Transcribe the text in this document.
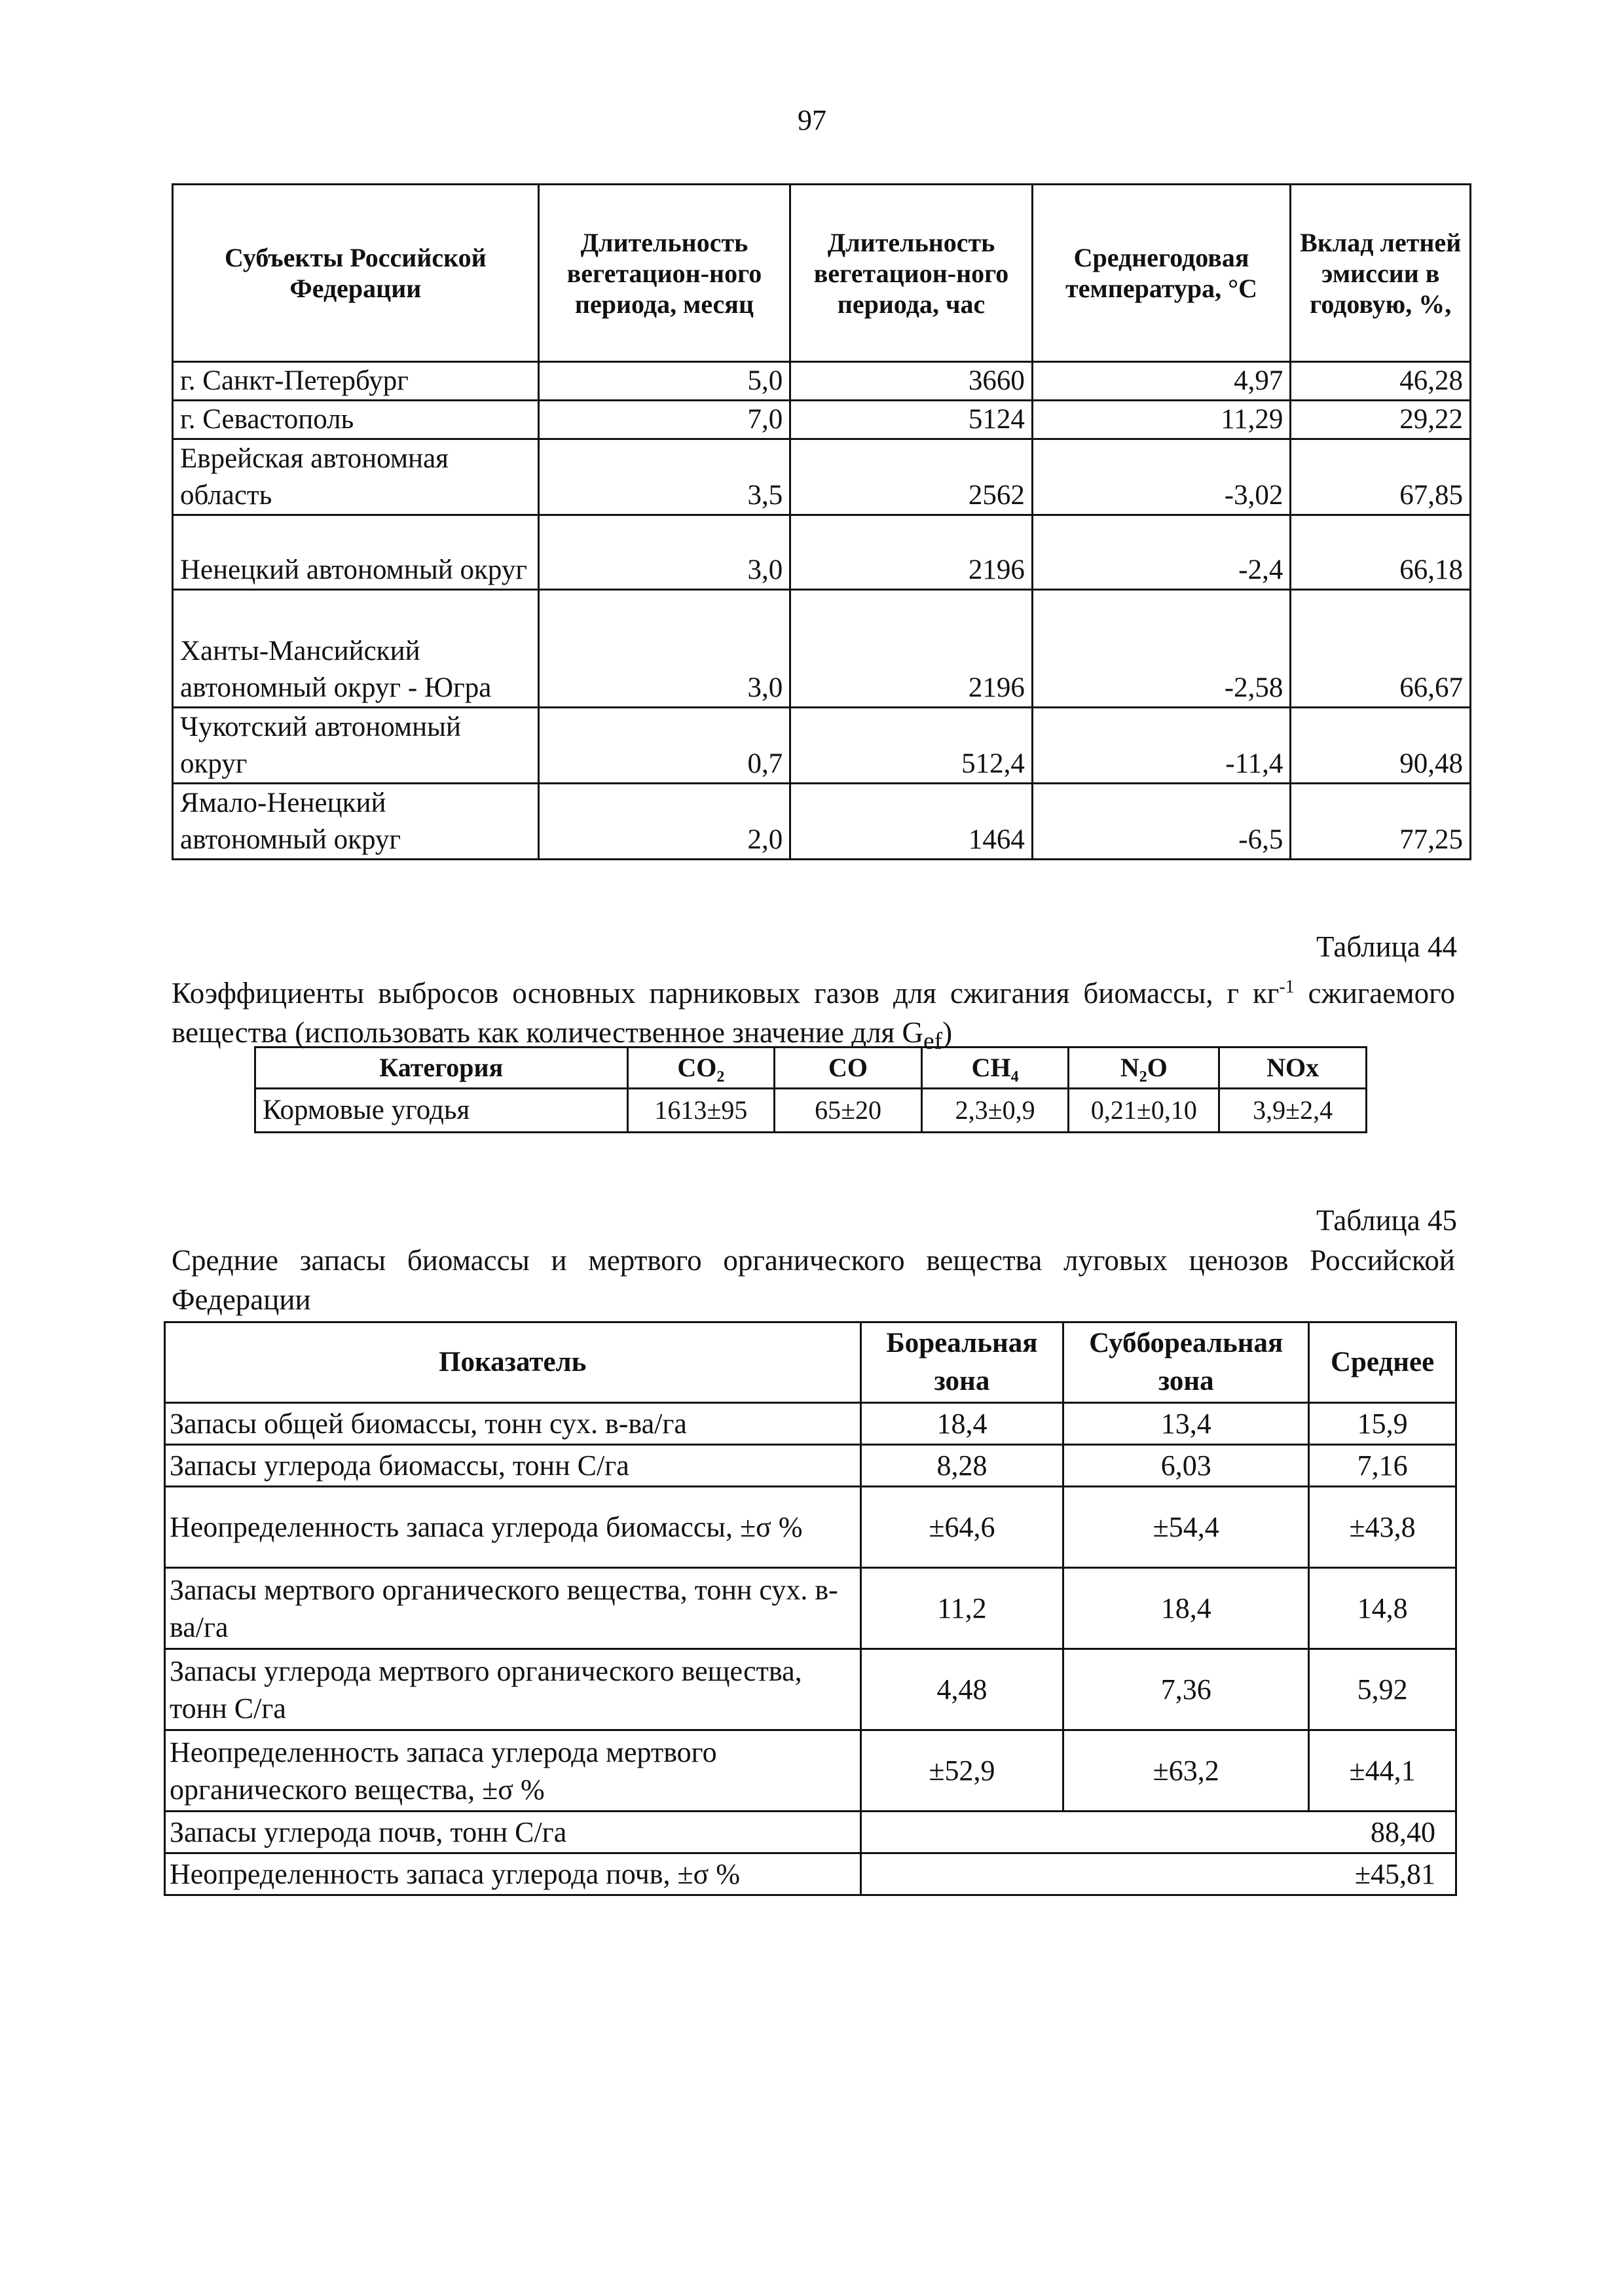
97
Субъекты Российской Федерации	Длительность вегетацион-ного периода, месяц	Длительность вегетацион-ного периода, час	Среднегодовая температура, °С	Вклад летней эмиссии в годовую, %,
г. Санкт-Петербург	5,0	3660	4,97	46,28
г. Севастополь	7,0	5124	11,29	29,22
Еврейская автономная область	3,5	2562	-3,02	67,85
Ненецкий автономный округ	3,0	2196	-2,4	66,18
Ханты-Мансийский автономный округ - Югра	3,0	2196	-2,58	66,67
Чукотский автономный округ	0,7	512,4	-11,4	90,48
Ямало-Ненецкий автономный округ	2,0	1464	-6,5	77,25
Таблица 44
Коэффициенты выбросов основных парниковых газов для сжигания биомассы, г $кг^{-1}$ сжигаемого вещества (использовать как количественное значение для $G_{ef}$)
Категория	CO₂	CO	CH₄	N₂O	NOx
Кормовые угодья	1613±95	65±20	2,3±0,9	0,21±0,10	3,9±2,4
Таблица 45
Средние запасы биомассы и мертвого органического вещества луговых ценозов Российской Федерации
Показатель	Бореальная зона	Суббореальная зона	Среднее
Запасы общей биомассы, тонн сух. в-ва/га	18,4	13,4	15,9
Запасы углерода биомассы, тонн С/га	8,28	6,03	7,16
Неопределенность запаса углерода биомассы, ±σ %	±64,6	±54,4	±43,8
Запасы мертвого органического вещества, тонн сух. в-ва/га	11,2	18,4	14,8
Запасы углерода мертвого органического вещества, тонн С/га	4,48	7,36	5,92
Неопределенность запаса углерода мертвого органического вещества, ±σ %	±52,9	±63,2	±44,1
Запасы углерода почв, тонн С/га	88,40		
Неопределенность запаса углерода почв, ±σ %	±45,81		
